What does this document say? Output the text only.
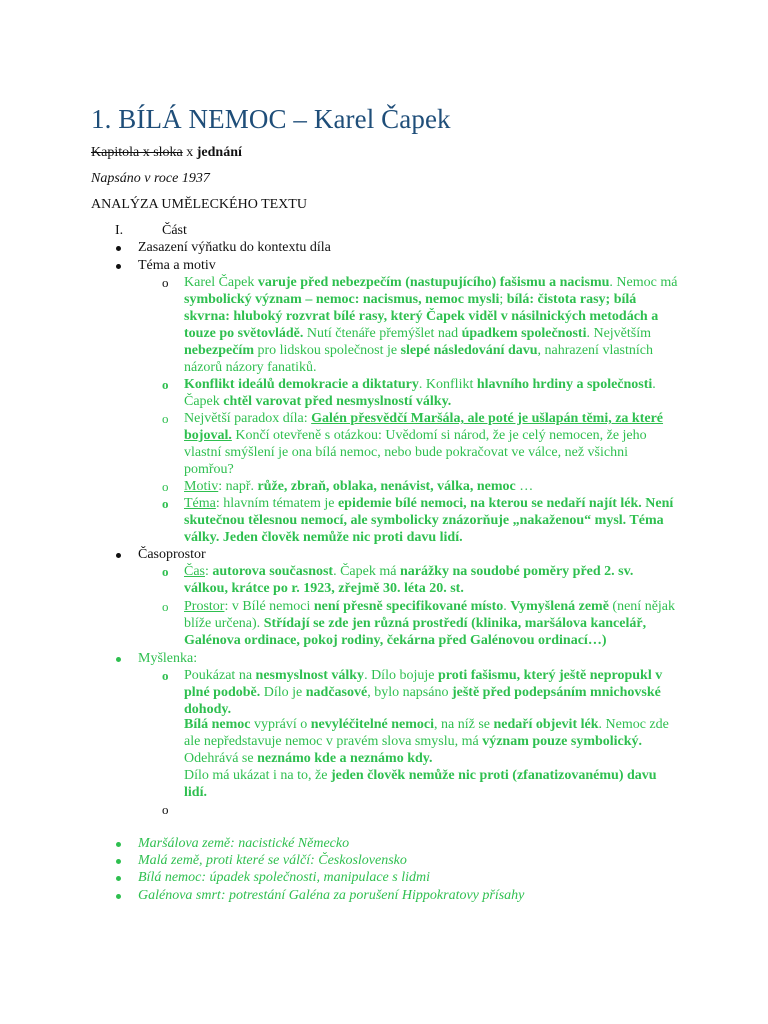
1. BÍLÁ NEMOC – Karel Čapek
Kapitola x sloka x jednání
Napsáno v roce 1937
ANALÝZA UMĚLECKÉHO TEXTU
I.	Část
Zasazení výňatku do kontextu díla
Téma a motiv
o Karel Čapek varuje před nebezpečím (nastupujícího) fašismu a nacismu. Nemoc má symbolický význam – nemoc: nacismus, nemoc mysli; bílá: čistota rasy; bílá skvrna: hluboký rozvrat bílé rasy, který Čapek viděl v násilnických metodách a touze po světovládě. Nutí čtenáře přemýšlet nad úpadkem společnosti. Největším nebezpečím pro lidskou společnost je slepé následování davu, nahrazení vlastních názorů názory fanatiků.
o Konflikt ideálů demokracie a diktatury. Konflikt hlavního hrdiny a společnosti. Čapek chtěl varovat před nesmyslností války.
o Největší paradox díla: Galén přesvědčí Maršála, ale poté je ušlapán těmi, za které bojoval. Končí otevřeně s otázkou: Uvědomí si národ, že je celý nemocen, že jeho vlastní smýšlení je ona bílá nemoc, nebo bude pokračovat ve válce, než všichni pomřou?
o Motiv: např. růže, zbraň, oblaka, nenávist, válka, nemoc …
o Téma: hlavním tématem je epidemie bílé nemoci, na kterou se nedaří najít lék. Není skutečnou tělesnou nemocí, ale symbolicky znázorňuje „nakaženou“ mysl. Téma války. Jeden člověk nemůže nic proti davu lidí.
Časoprostor
o Čas: autorova současnost. Čapek má narážky na soudobé poměry před 2. sv. válkou, krátce po r. 1923, zřejmě 30. léta 20. st.
o Prostor: v Bílé nemoci není přesně specifikované místo. Vymyšlená země (není nějak blíže určena). Střídají se zde jen různá prostředí (klinika, maršálova kancelář, Galénova ordinace, pokoj rodiny, čekárna před Galénovou ordinací…)
Myšlenka:
o Poukázat na nesmyslnost války. Dílo bojuje proti fašismu, který ještě nepropukl v plné podobě. Dílo je nadčasové, bylo napsáno ještě před podepsáním mnichovské dohody.
Bílá nemoc vypráví o nevyléčitelné nemoci, na níž se nedaří objevit lék. Nemoc zde ale nepředstavuje nemoc v pravém slova smyslu, má význam pouze symbolický. Odehrává se neznámo kde a neznámo kdy.
Dílo má ukázat i na to, že jeden člověk nemůže nic proti (zfanatizovanému) davu lidí.
o
Maršálova země: nacistické Německo
Malá země, proti které se válčí: Československo
Bílá nemoc: úpadek společnosti, manipulace s lidmi
Galénova smrt: potrestání Galéna za porušení Hippokratovy přísahy
